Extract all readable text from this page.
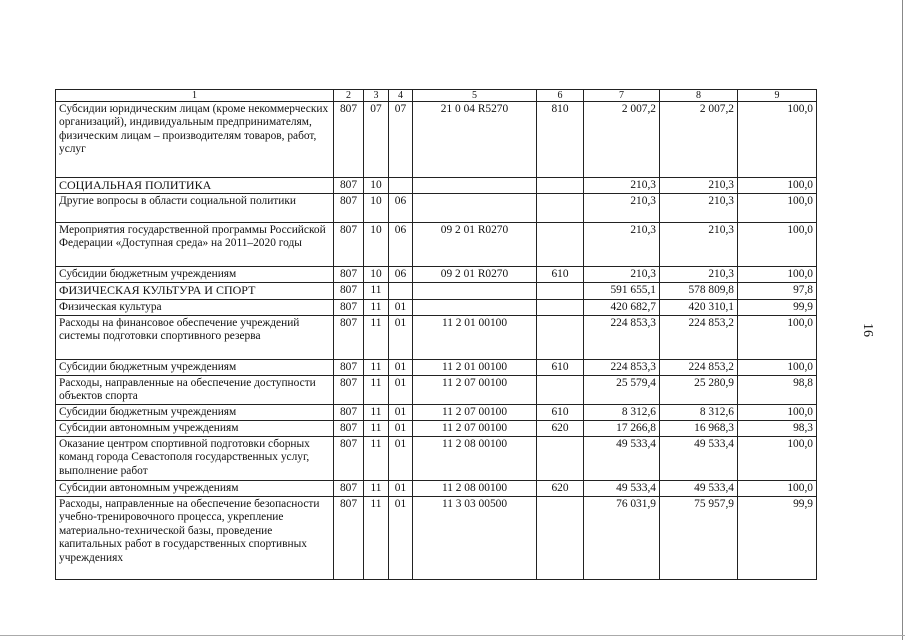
1	2	3	4	5	6	7	8	9
Субсидии юридическим лицам (кроме некоммерческих организаций), индивидуальным предпринимателям, физическим лицам – производителям товаров, работ, услуг	807	07	07	21 0 04 R5270	810	2 007,2	2 007,2	100,0
СОЦИАЛЬНАЯ ПОЛИТИКА	807	10				210,3	210,3	100,0
Другие вопросы в области социальной политики	807	10	06			210,3	210,3	100,0
Мероприятия государственной программы Российской Федерации «Доступная среда» на 2011–2020 годы	807	10	06	09 2 01 R0270		210,3	210,3	100,0
Субсидии бюджетным учреждениям	807	10	06	09 2 01 R0270	610	210,3	210,3	100,0
ФИЗИЧЕСКАЯ КУЛЬТУРА И СПОРТ	807	11				591 655,1	578 809,8	97,8
Физическая культура	807	11	01			420 682,7	420 310,1	99,9
Расходы на финансовое обеспечение учреждений системы подготовки спортивного резерва	807	11	01	11 2 01 00100		224 853,3	224 853,2	100,0
Субсидии бюджетным учреждениям	807	11	01	11 2 01 00100	610	224 853,3	224 853,2	100,0
Расходы, направленные на обеспечение доступности объектов спорта	807	11	01	11 2 07 00100		25 579,4	25 280,9	98,8
Субсидии бюджетным учреждениям	807	11	01	11 2 07 00100	610	8 312,6	8 312,6	100,0
Субсидии автономным учреждениям	807	11	01	11 2 07 00100	620	17 266,8	16 968,3	98,3
Оказание центром спортивной подготовки сборных команд города Севастополя государственных услуг, выполнение работ	807	11	01	11 2 08 00100		49 533,4	49 533,4	100,0
Субсидии автономным учреждениям	807	11	01	11 2 08 00100	620	49 533,4	49 533,4	100,0
Расходы, направленные на обеспечение безопасности учебно-тренировочного процесса, укрепление материально-технической базы, проведение капитальных работ в государственных спортивных учреждениях	807	11	01	11 3 03 00500		76 031,9	75 957,9	99,9
16
